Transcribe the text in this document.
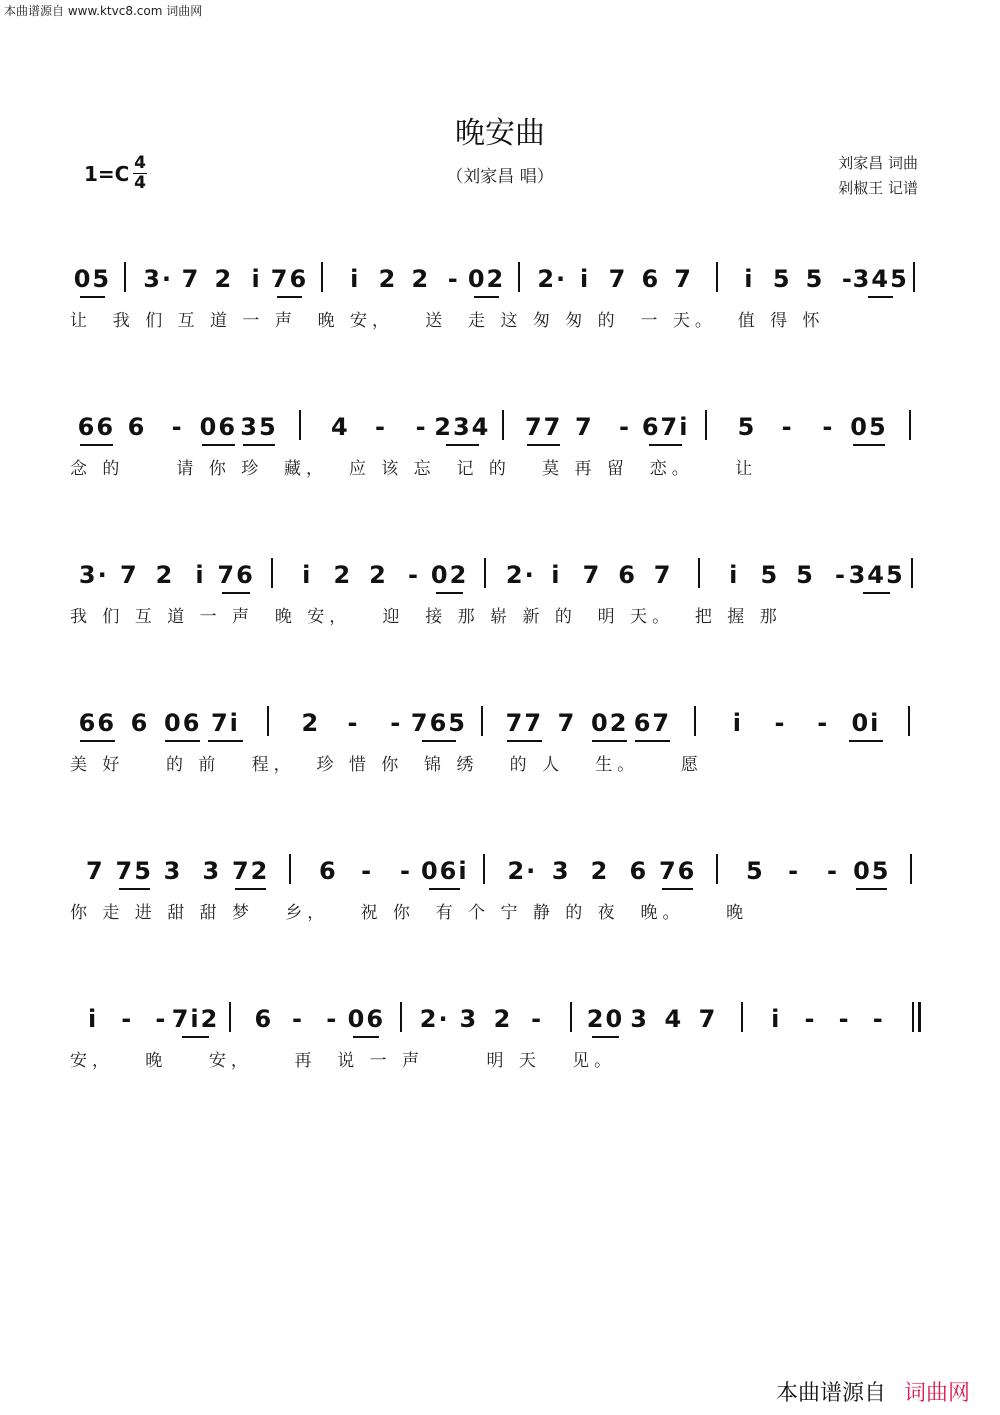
本曲谱源自 www.ktvc8.com 词曲网
晚安曲
（刘家昌 唱）
1=C 4
4
刘家昌 词曲
剁椒王 记谱
05 3· 7 2 i 76	i 2 2 - 02 2· i 7 6 7	i 5 5 -
345
让  我 们 互 道 一 声  晚 安，   送  走 这 匆 匆 的  一 天。  值 得 怀
66 6	- 06 35	4	-	- 234 77 7	- 67i	5	-	- 05
念 的     请 你 珍  藏，  应 该 忘  记 的   莫 再 留  恋。    让
3· 7 2 i 76	i 2 2 - 02 2· i 7 6 7	i 5 5 - 345
我 们 互 道 一 声  晚 安，   迎  接 那 崭 新 的  明 天。  把 握 那
66 6 06 7i	2	-	- 765 77 7 02 67	i	-	- 0i
美 好    的 前   程，  珍 惜 你  锦 绣   的 人   生。    愿
7 75 3 3 72	6 -	- 06i 2· 3 2 6 76	5 -	- 05
你 走 进 甜 甜 梦   乡，   祝 你  有 个 宁 静 的 夜  晚。    晚
i - - 7i2	6 - - 06 2· 3 2 -	20 3 4 7	i - - -
安，   晚    安，    再  说 一 声      明 天   见。
本曲谱源自 词曲网
